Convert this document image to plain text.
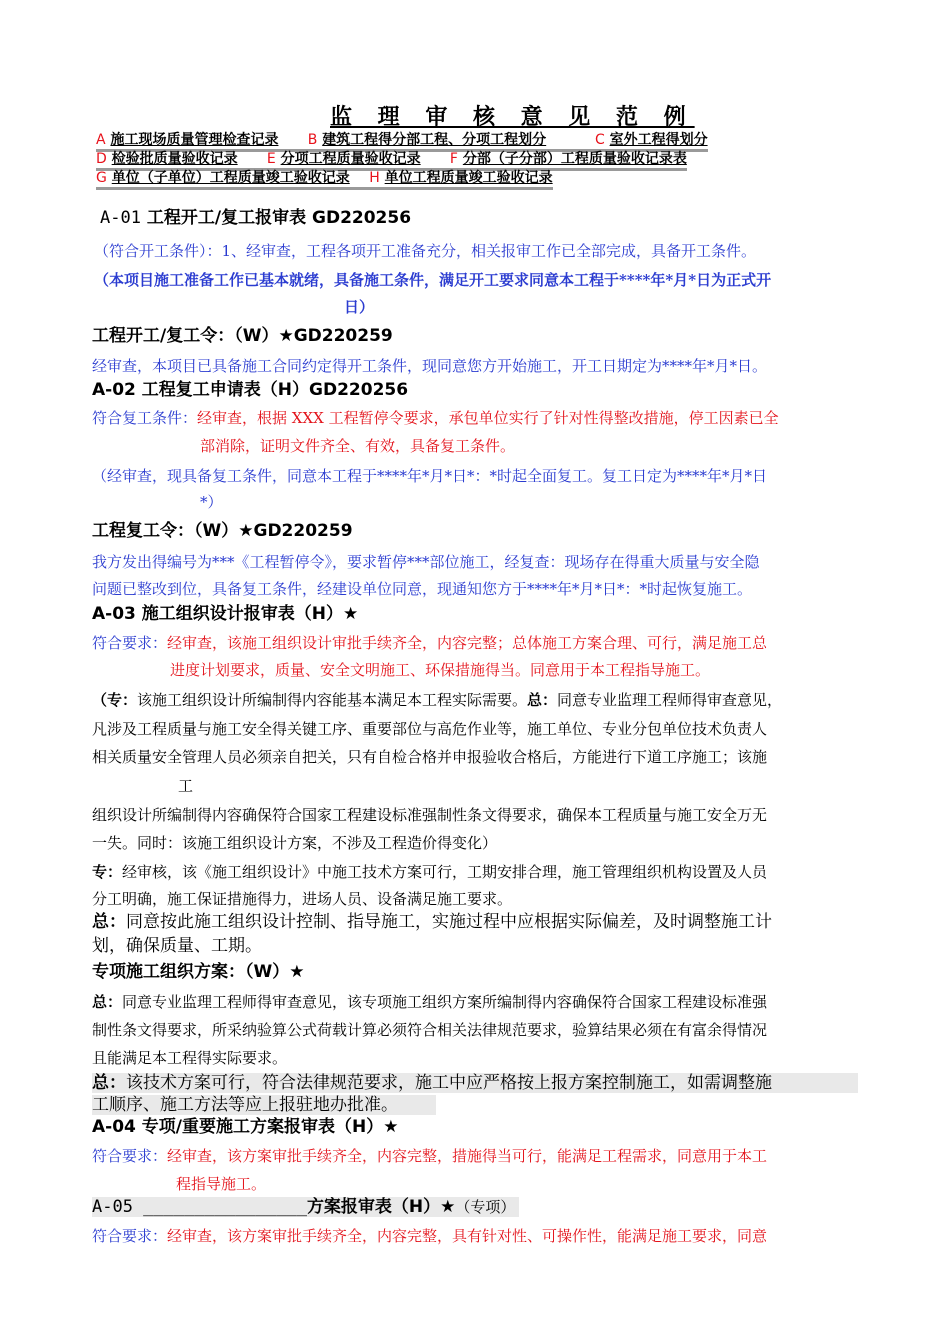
监 理 审 核 意 见 范 例
A 施工现场质量管理检查记录 B 建筑工程得分部工程、分项工程划分	C 室外工程得划分
D 检验批质量验收记录 E 分项工程质量验收记录 F 分部（子分部）工程质量验收记录表
G 单位（子单位）工程质量竣工验收记录 H 单位工程质量竣工验收记录
A-01 工程开工/复工报审表 GD220256
（符合开工条件）：1、经审查，工程各项开工准备充分，相关报审工作已全部完成，具备开工条件。
（本项目施工准备工作已基本就绪，具备施工条件，满足开工要求同意本工程于****年*月*日为正式开
日）
工程开工/复工令：（W）★GD220259
经审查，本项目已具备施工合同约定得开工条件，现同意您方开始施工，开工日期定为****年*月*日。
A-02 工程复工申请表（H）GD220256
符合复工条件：经审查，根据 XXX 工程暂停令要求，承包单位实行了针对性得整改措施，停工因素已全
部消除，证明文件齐全、有效，具备复工条件。
（经审查，现具备复工条件，同意本工程于****年*月*日*：*时起全面复工。复工日定为****年*月*日
*）
工程复工令：（W）★GD220259
我方发出得编号为***《工程暂停令》，要求暂停***部位施工，经复查：现场存在得重大质量与安全隐
问题已整改到位，具备复工条件，经建设单位同意，现通知您方于****年*月*日*：*时起恢复施工。
A-03 施工组织设计报审表（H）★
符合要求：经审查，该施工组织设计审批手续齐全，内容完整；总体施工方案合理、可行，满足施工总
进度计划要求，质量、安全文明施工、环保措施得当。同意用于本工程指导施工。
（专：该施工组织设计所编制得内容能基本满足本工程实际需要。总：同意专业监理工程师得审查意见，
凡涉及工程质量与施工安全得关键工序、重要部位与高危作业等，施工单位、专业分包单位技术负责人
相关质量安全管理人员必须亲自把关，只有自检合格并申报验收合格后，方能进行下道工序施工；该施
工
组织设计所编制得内容确保符合国家工程建设标准强制性条文得要求，确保本工程质量与施工安全万无
一失。同时：该施工组织设计方案，不涉及工程造价得变化）
专：经审核，该《施工组织设计》中施工技术方案可行，工期安排合理，施工管理组织机构设置及人员
分工明确，施工保证措施得力，进场人员、设备满足施工要求。
总：同意按此施工组织设计控制、指导施工，实施过程中应根据实际偏差，及时调整施工计
划，确保质量、工期。
专项施工组织方案：（W）★
总：同意专业监理工程师得审查意见，该专项施工组织方案所编制得内容确保符合国家工程建设标准强
制性条文得要求，所采纳验算公式荷载计算必须符合相关法律规范要求，验算结果必须在有富余得情况
且能满足本工程得实际要求。
总：该技术方案可行，符合法律规范要求，施工中应严格按上报方案控制施工，如需调整施
工顺序、施工方法等应上报驻地办批准。
A-04 专项/重要施工方案报审表（H）★
符合要求：经审查，该方案审批手续齐全，内容完整，措施得当可行，能满足工程需求，同意用于本工
程指导施工。
A-05 ________________方案报审表（H）★（专项）
符合要求：经审查，该方案审批手续齐全，内容完整，具有针对性、可操作性，能满足施工要求，同意
